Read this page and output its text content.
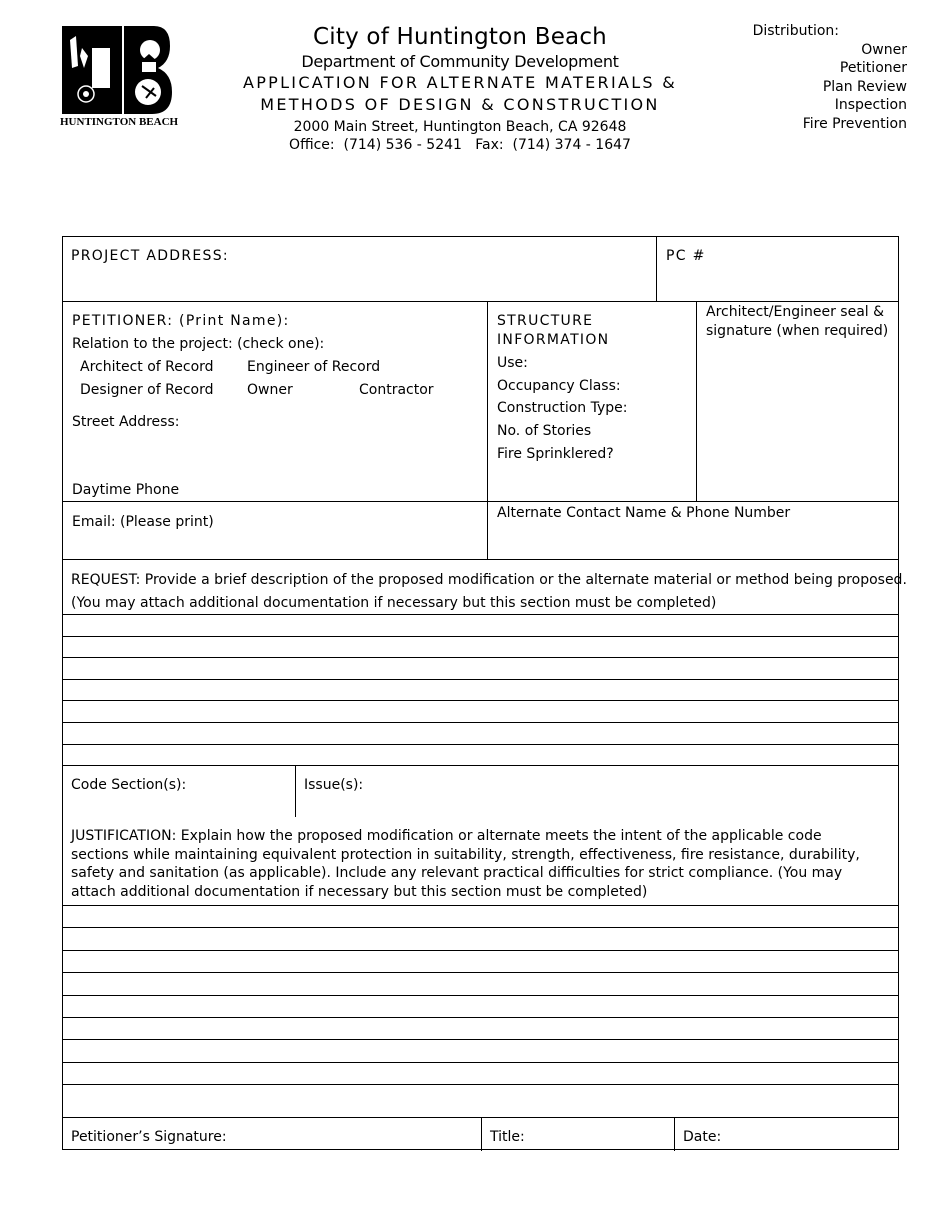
HUNTINGTON BEACH
City of Huntington Beach
Department of Community Development
APPLICATION FOR ALTERNATE MATERIALS &
METHODS OF DESIGN & CONSTRUCTION
2000 Main Street, Huntington Beach, CA 92648
Office:  (714) 536 - 5241   Fax:  (714) 374 - 1647
Distribution:
Owner
Petitioner
Plan Review
Inspection
Fire Prevention
PROJECT ADDRESS:	PC #
PETITIONER: (Print Name):
Relation to the project: (check one):
Architect of Record Engineer of Record
Designer of Record Owner	Contractor
Street Address:
Daytime Phone
STRUCTURE
INFORMATION
Use:
Occupancy Class:
Construction Type:
No. of Stories
Fire Sprinklered?
Architect/Engineer seal &
signature (when required)
Email: (Please print)
Alternate Contact Name & Phone Number
REQUEST: Provide a brief description of the proposed modification or the alternate material or method being proposed.
(You may attach additional documentation if necessary but this section must be completed)
Code Section(s):	Issue(s):
JUSTIFICATION: Explain how the proposed modification or alternate meets the intent of the applicable code sections while maintaining equivalent protection in suitability, strength, effectiveness, fire resistance, durability, safety and sanitation (as applicable). Include any relevant practical difficulties for strict compliance. (You may attach additional documentation if necessary but this section must be completed)
Petitioner’s Signature:	Title:	Date:
